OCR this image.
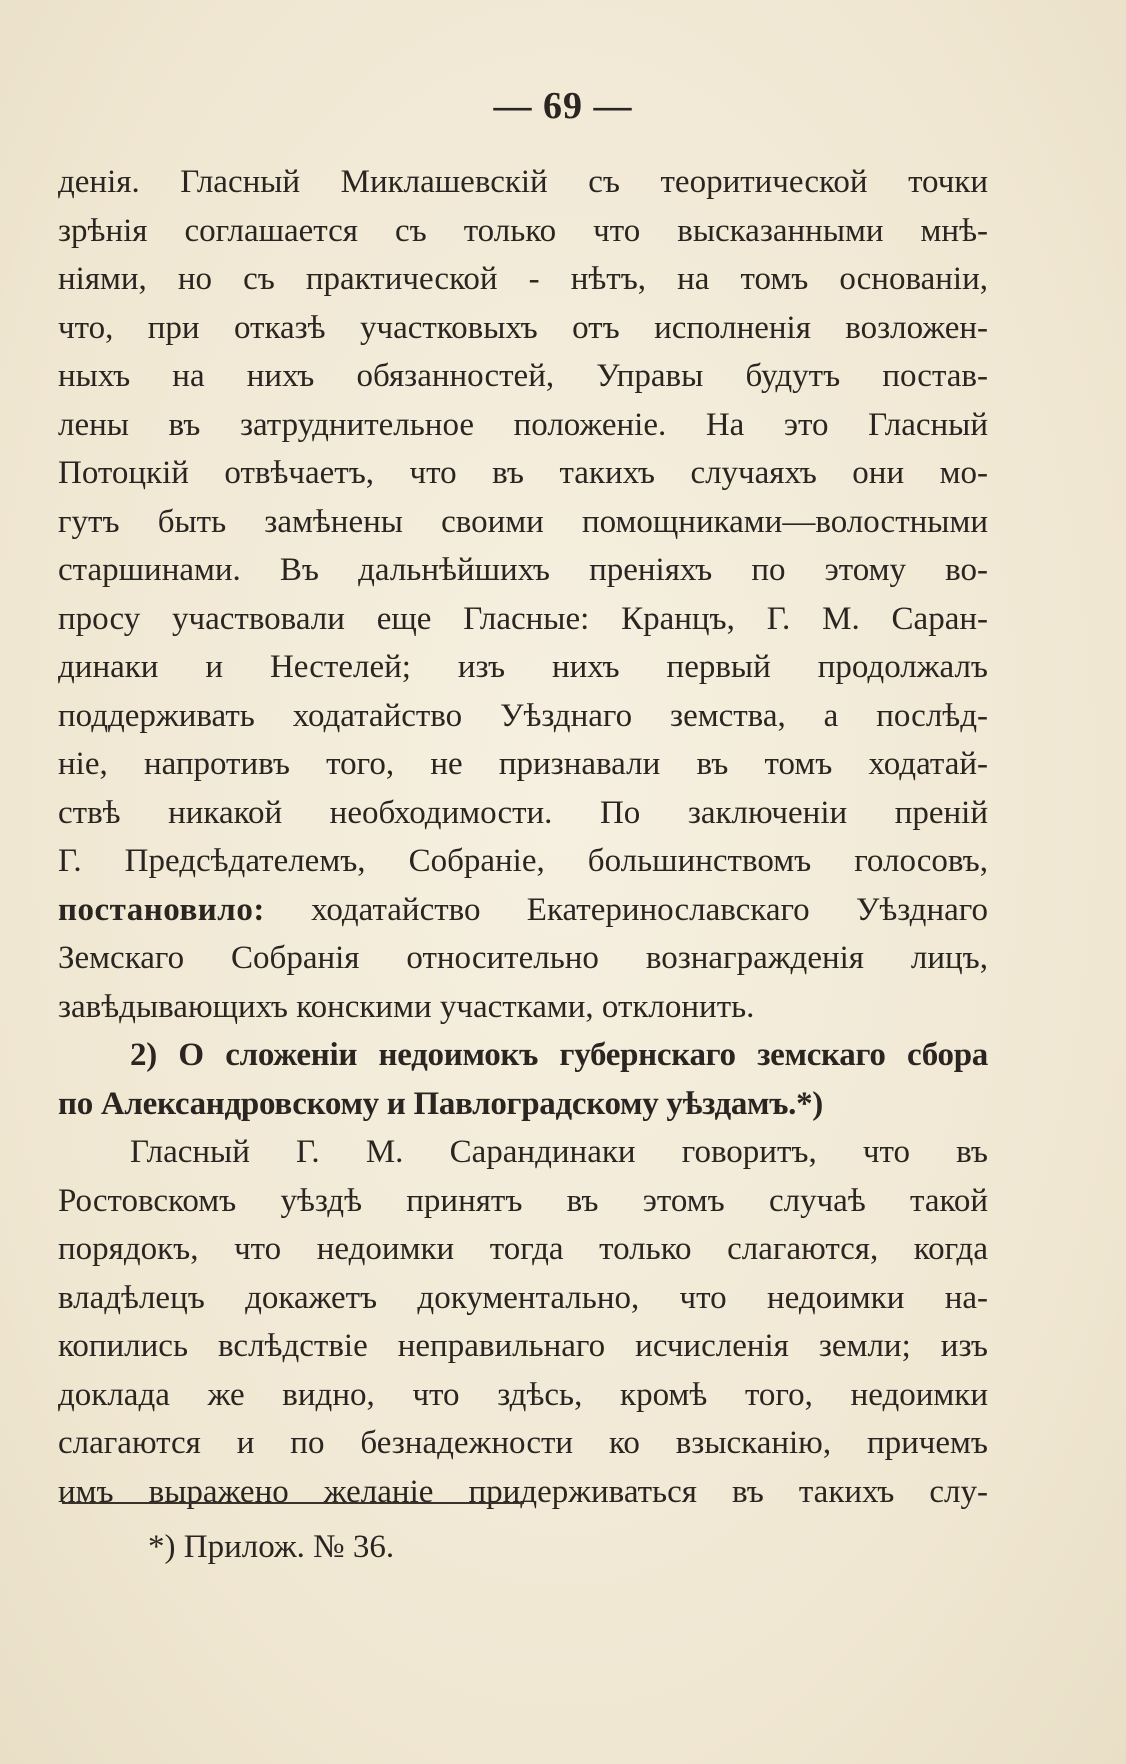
— 69 —
денія. Гласный Миклашевскій съ теоритической точки
зрѣнія соглашается съ только что высказанными мнѣ-
ніями, но съ практической - нѣтъ, на томъ основаніи,
что, при отказѣ участковыхъ отъ исполненія возложен-
ныхъ на нихъ обязанностей, Управы будутъ постав-
лены въ затруднительное положеніе. На это Гласный
Потоцкій отвѣчаетъ, что въ такихъ случаяхъ они мо-
гутъ быть замѣнены своими помощниками—волостными
старшинами. Въ дальнѣйшихъ преніяхъ по этому во-
просу участвовали еще Гласные: Кранцъ, Г. М. Саран-
динаки и Нестелей; изъ нихъ первый продолжалъ
поддерживать ходатайство Уѣзднаго земства, а послѣд-
ніе, напротивъ того, не признавали въ томъ ходатай-
ствѣ никакой необходимости. По заключеніи преній
Г. Предсѣдателемъ, Собраніе, большинствомъ голосовъ,
постановило: ходатайство Екатеринославскаго Уѣзднаго
Земскаго Собранія относительно вознагражденія лицъ,
завѣдывающихъ конскими участками, отклонить.
2) О сложеніи недоимокъ губернскаго земскаго сбора
по Александровскому и Павлоградскому уѣздамъ.*)
Гласный Г. М. Сарандинаки говоритъ, что въ
Ростовскомъ уѣздѣ принятъ въ этомъ случаѣ такой
порядокъ, что недоимки тогда только слагаются, когда
владѣлецъ докажетъ документально, что недоимки на-
копились вслѣдствіе неправильнаго исчисленія земли; изъ
доклада же видно, что здѣсь, кромѣ того, недоимки
слагаются и по безнадежности ко взысканію, причемъ
имъ выражено желаніе придерживаться въ такихъ слу-
*) Прилож. № 36.
